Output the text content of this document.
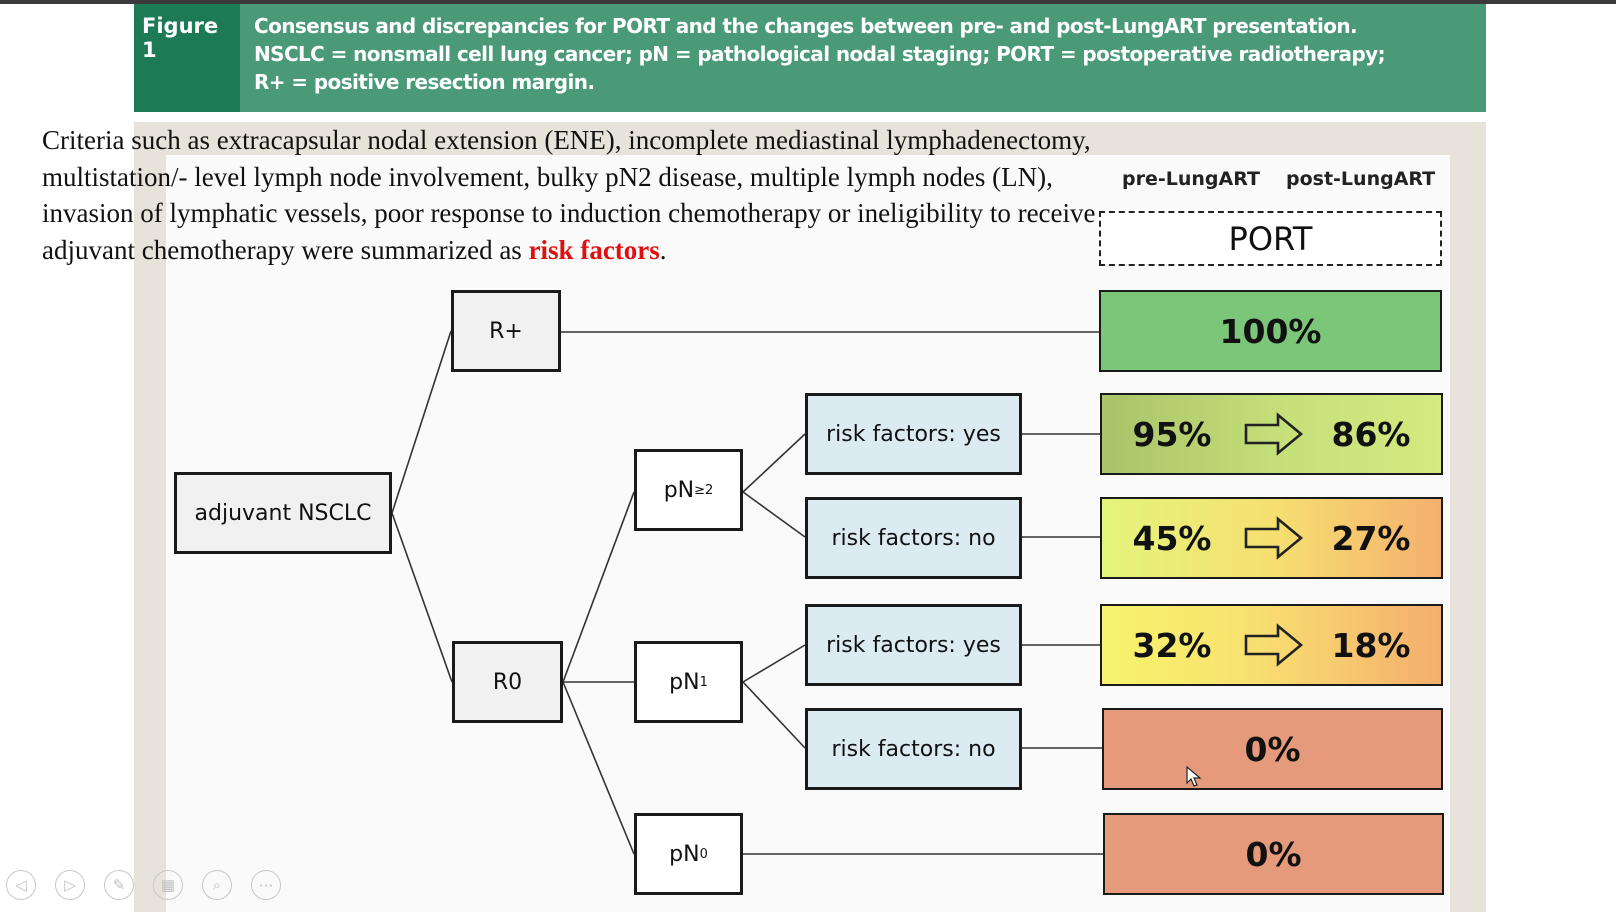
Figure 1
Consensus and discrepancies for PORT and the changes between pre- and post-LungART presentation.
NSCLC = nonsmall cell lung cancer; pN = pathological nodal staging; PORT = postoperative radiotherapy;
R+ = positive resection margin.
Criteria such as extracapsular nodal extension (ENE), incomplete mediastinal lymphadenectomy, multistation/- level lymph node involvement, bulky pN2 disease, multiple lymph nodes (LN), invasion of lymphatic vessels, poor response to induction chemotherapy or ineligibility to receive adjuvant chemotherapy were summarized as risk factors.
pre-LungART post-LungART
PORT
adjuvant NSCLC
R+
R0
pN ≥2
pN 1
pN 0
risk factors: yes
risk factors: no
risk factors: yes
risk factors: no
100%
95%	86%
45%	27%
32%	18%
0%
0%
◁	▷	✎	▦	⌕	⋯
